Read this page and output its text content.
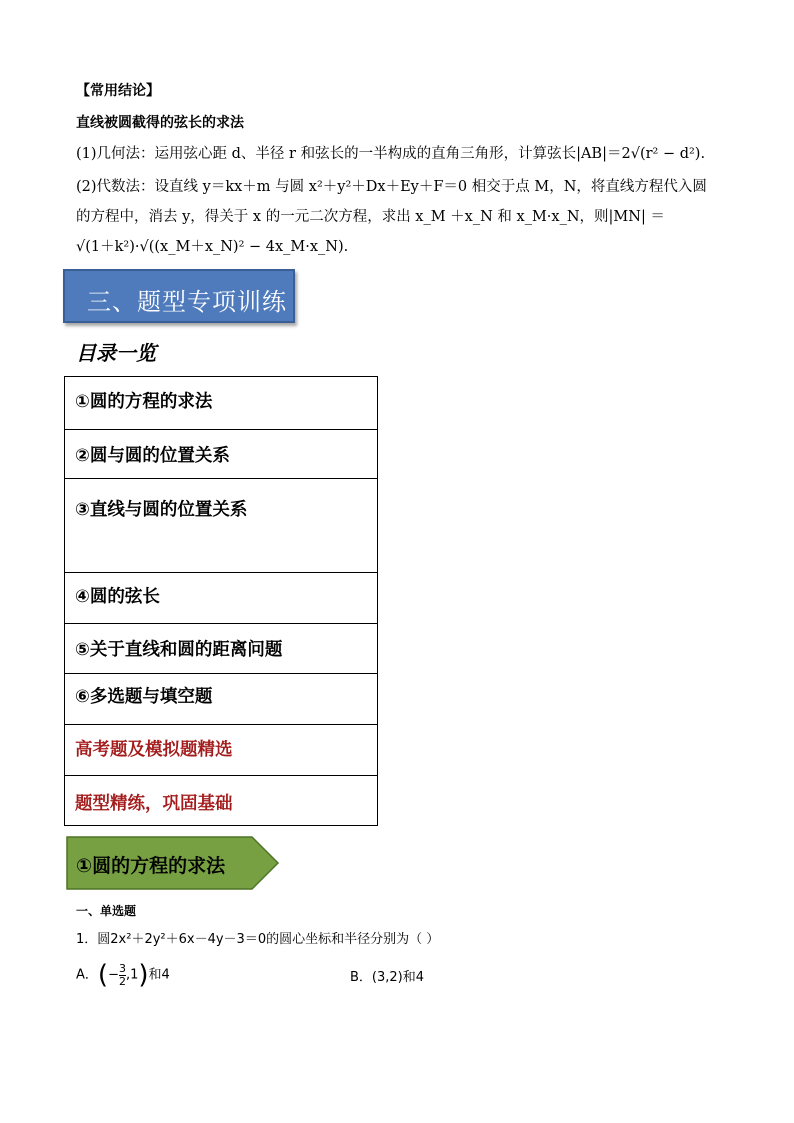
【常用结论】
直线被圆截得的弦长的求法
(1)几何法：运用弦心距 d、半径 r 和弦长的一半构成的直角三角形，计算弦长|AB|＝2√(r² − d²).
(2)代数法：设直线 y＝kx＋m 与圆 x²＋y²＋Dx＋Ey＋F＝0 相交于点 M，N，将直线方程代入圆
的方程中，消去 y，得关于 x 的一元二次方程，求出 x_M ＋x_N 和 x_M·x_N，则|MN| ＝
√(1＋k²)·√((x_M＋x_N)² − 4x_M·x_N).
三、题型专项训练
目录一览
①圆的方程的求法

②圆与圆的位置关系

③直线与圆的位置关系

④圆的弦长

⑤关于直线和圆的距离问题

⑥多选题与填空题

高考题及模拟题精选

题型精练，巩固基础
①圆的方程的求法
一、单选题
1．圆2x²＋2y²＋6x－4y－3＝0的圆心坐标和半径分别为（ ）
A．(− $\frac{3}{2} ,1$)和4	B．(3,2)和4
